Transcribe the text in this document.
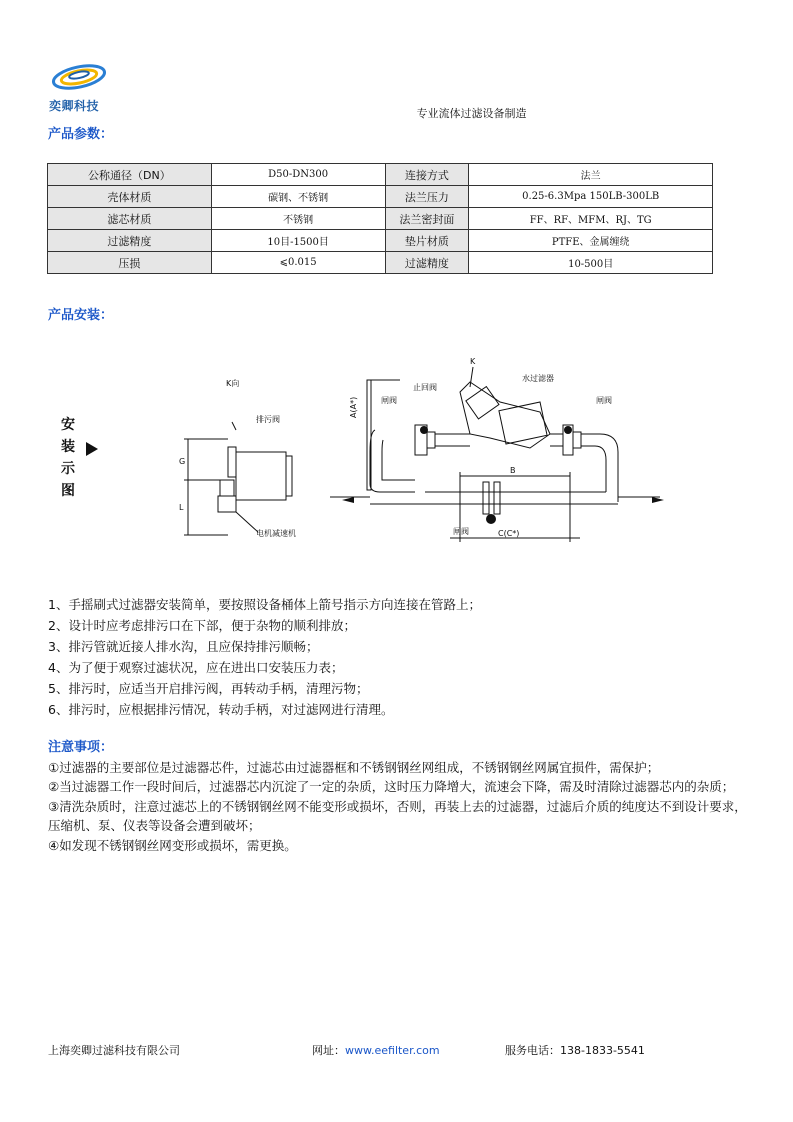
奕卿科技
专业流体过滤设备制造
产品参数：
公称通径（DN）	D50-DN300	连接方式	法兰
壳体材质	碳钢、不锈钢	法兰压力	0.25-6.3Mpa 150LB-300LB
滤芯材质	不锈钢	法兰密封面	FF、RF、MFM、RJ、TG
过滤精度	10目-1500目	垫片材质	PTFE、金属缠绕
压损	⩽0.015	过滤精度	10-500目
产品安装：
安
装
示
图
K向
排污阀
电机减速机
G
L
K
止回阀
水过滤器
闸阀	闸阀
闸阀
A(A*)
B
C(C*)
1、手摇刷式过滤器安装简单，要按照设备桶体上箭号指示方向连接在管路上；
2、设计时应考虑排污口在下部，便于杂物的顺利排放；
3、排污管就近接人排水沟，且应保持排污顺畅；
4、为了便于观察过滤状况，应在进出口安装压力表；
5、排污时，应适当开启排污阀，再转动手柄，清理污物；
6、排污时，应根据排污情况，转动手柄，对过滤网进行清理。
注意事项：
①过滤器的主要部位是过滤器芯件，过滤芯由过滤器框和不锈钢钢丝网组成，不锈钢钢丝网属宜损件，需保护；
②当过滤器工作一段时间后，过滤器芯内沉淀了一定的杂质，这时压力降增大，流速会下降，需及时清除过滤器芯内的杂质；
③清洗杂质时，注意过滤芯上的不锈钢钢丝网不能变形或损坏，否则，再装上去的过滤器，过滤后介质的纯度达不到设计要求，压缩机、泵、仪表等设备会遭到破坏；
④如发现不锈钢钢丝网变形或损坏，需更换。
上海奕卿过滤科技有限公司	网址：www.eefilter.com	服务电话：138-1833-5541
